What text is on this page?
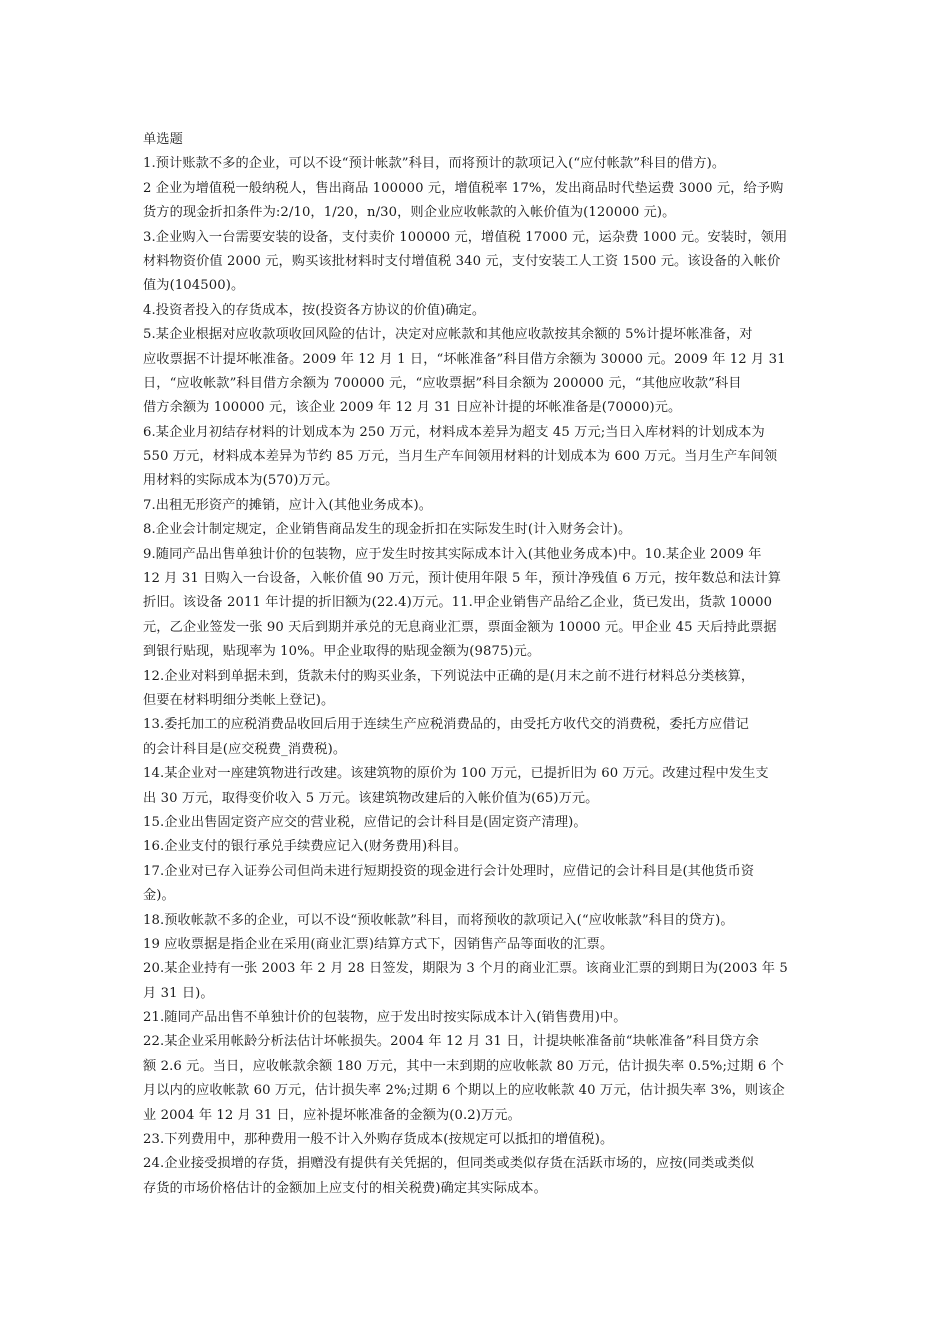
单选题
1.预计账款不多的企业，可以不设“预计帐款”科目，而将预计的款项记入(“应付帐款”科目的借方)。
2 企业为增值税一般纳税人，售出商品 100000 元，增值税率 17%，发出商品时代垫运费 3000 元，给予购
货方的现金折扣条件为:2/10，1/20，n/30，则企业应收帐款的入帐价值为(120000 元)。
3.企业购入一台需要安装的设备，支付卖价 100000 元，增值税 17000 元，运杂费 1000 元。安装时，领用
材料物资价值 2000 元，购买该批材料时支付增值税 340 元，支付安装工人工资 1500 元。该设备的入帐价
值为(104500)。
4.投资者投入的存货成本，按(投资各方协议的价值)确定。
5.某企业根据对应收款项收回风险的估计，决定对应帐款和其他应收款按其余额的 5%计提坏帐准备，对
应收票据不计提坏帐准备。2009 年 12 月 1 日，“坏帐准备”科目借方余额为 30000 元。2009 年 12 月 31
日，“应收帐款”科目借方余额为 700000 元，“应收票据”科目余额为 200000 元，“其他应收款”科目
借方余额为 100000 元，该企业 2009 年 12 月 31 日应补计提的坏帐准备是(70000)元。
6.某企业月初结存材料的计划成本为 250 万元，材料成本差异为超支 45 万元;当日入库材料的计划成本为
550 万元，材料成本差异为节约 85 万元，当月生产车间领用材料的计划成本为 600 万元。当月生产车间领
用材料的实际成本为(570)万元。
7.出租无形资产的摊销，应计入(其他业务成本)。
8.企业会计制定规定，企业销售商品发生的现金折扣在实际发生时(计入财务会计)。
9.随同产品出售单独计价的包装物，应于发生时按其实际成本计入(其他业务成本)中。10.某企业 2009 年
12 月 31 日购入一台设备，入帐价值 90 万元，预计使用年限 5 年，预计净残值 6 万元，按年数总和法计算
折旧。该设备 2011 年计提的折旧额为(22.4)万元。11.甲企业销售产品给乙企业，货已发出，货款 10000
元，乙企业签发一张 90 天后到期并承兑的无息商业汇票，票面金额为 10000 元。甲企业 45 天后持此票据
到银行贴现，贴现率为 10%。甲企业取得的贴现金额为(9875)元。
12.企业对料到单据未到，货款未付的购买业条，下列说法中正确的是(月末之前不进行材料总分类核算，
但要在材料明细分类帐上登记)。
13.委托加工的应税消费品收回后用于连续生产应税消费品的，由受托方收代交的消费税，委托方应借记
的会计科目是(应交税费_消费税)。
14.某企业对一座建筑物进行改建。该建筑物的原价为 100 万元，已提折旧为 60 万元。改建过程中发生支
出 30 万元，取得变价收入 5 万元。该建筑物改建后的入帐价值为(65)万元。
15.企业出售固定资产应交的营业税，应借记的会计科目是(固定资产清理)。
16.企业支付的银行承兑手续费应记入(财务费用)科目。
17.企业对已存入证券公司但尚未进行短期投资的现金进行会计处理时，应借记的会计科目是(其他货币资
金)。
18.预收帐款不多的企业，可以不设“预收帐款”科目，而将预收的款项记入(“应收帐款”科目的贷方)。
19 应收票据是指企业在采用(商业汇票)结算方式下，因销售产品等面收的汇票。
20.某企业持有一张 2003 年 2 月 28 日签发，期限为 3 个月的商业汇票。该商业汇票的到期日为(2003 年 5
月 31 日)。
21.随同产品出售不单独计价的包装物，应于发出时按实际成本计入(销售费用)中。
22.某企业采用帐龄分析法估计坏帐损失。2004 年 12 月 31 日，计提块帐准备前“块帐准备”科目贷方余
额 2.6 元。当日，应收帐款余额 180 万元，其中一末到期的应收帐款 80 万元，估计损失率 0.5%;过期 6 个
月以内的应收帐款 60 万元，估计损失率 2%;过期 6 个期以上的应收帐款 40 万元，估计损失率 3%，则该企
业 2004 年 12 月 31 日，应补提坏帐准备的金额为(0.2)万元。
23.下列费用中，那种费用一般不计入外购存货成本(按规定可以抵扣的增值税)。
24.企业接受损增的存货，捐赠没有提供有关凭据的，但同类或类似存货在活跃市场的，应按(同类或类似
存货的市场价格估计的金额加上应支付的相关税费)确定其实际成本。
